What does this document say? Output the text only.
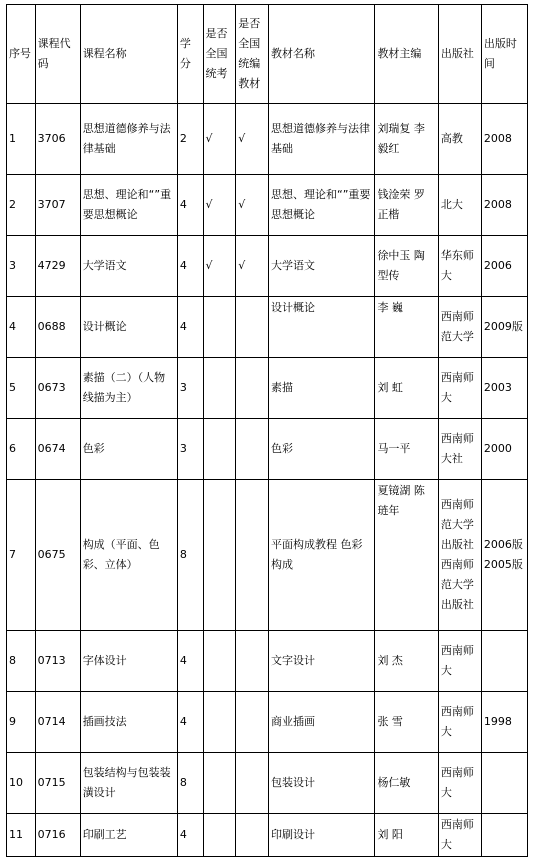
序号	课程代码	课程名称	学分	是否全国统考	是否全国统编教材	教材名称	教材主编	出版社	出版时间
1	3706	思想道德修养与法律基础	2	√	√	思想道德修养与法律基础	刘瑞复 李毅红	高教	2008
2	3707	思想、理论和“”重要思想概论	4	√	√	思想、理论和“”重要思想概论	钱淦荣 罗正楷	北大	2008
3	4729	大学语文	4	√	√	大学语文	徐中玉 陶型传	华东师大	2006
4	0688	设计概论	4			设计概论	李 巍	西南师范大学	2009版
5	0673	素描（二）（人物线描为主）	3			素描	刘 虹	西南师大	2003
6	0674	色彩	3			色彩	马一平	西南师大社	2000
7	0675	构成（平面、色彩、立体）	8			平面构成教程 色彩构成	夏镜湖 陈琏年	西南师范大学出版社 西南师范大学出版社	2006版 2005版
8	0713	字体设计	4			文字设计	刘 杰	西南师大	
9	0714	插画技法	4			商业插画	张 雪	西南师大	1998
10	0715	包装结构与包装装潢设计	8			包装设计	杨仁敏	西南师大	
11	0716	印刷工艺	4			印刷设计	刘 阳	西南师大	
